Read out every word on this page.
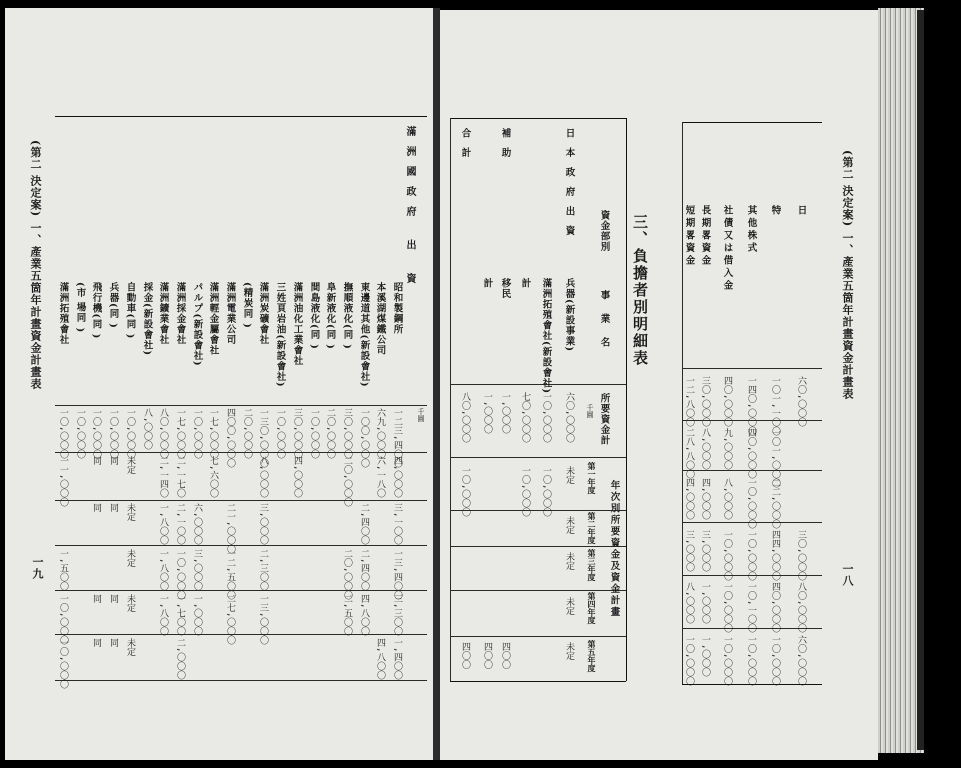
(第二 決定案) 一、產業五箇年計畫資金計畫表
一九
滿洲國政府 出 資
千圓
昭和製鋼所
一二三,四〇〇
四,〇〇〇
三,一〇〇
一三,四〇〇
三,三〇〇
一,四〇〇
本溪湖煤鐵公司
六九,〇〇〇
六,一八〇
四,八〇〇
東邊道其他(新設會社)
一〇〇,〇〇〇
二,四〇〇
二,四〇〇
四,八〇〇
撫順液化(同 )
三〇,〇〇〇
二〇,〇〇〇
二〇,〇〇〇
二,五〇〇
阜新液化(同 )
二〇,〇〇〇
間島液化(同 )
一〇,〇〇〇
滿洲油化工業會社
三〇,〇〇〇
四,〇〇〇
三姓頁岩油(新設會社)
一〇,〇〇〇
滿洲炭礦會社
一三〇,〇〇〇
八,〇〇〇
三,〇〇〇
二,三〇〇
一三,〇〇〇
(精炭同 )
二〇,〇〇〇
滿洲電業公司
四〇〇,〇〇〇
二一,〇〇〇
一二,五〇〇
二七,〇〇〇
滿洲輕金屬會社
一七,〇〇〇
七,六〇〇
パルプ(新設會社)
一〇,〇〇〇
六,〇〇〇
三,〇〇〇
一,〇〇〇
滿洲採金會社
一七,〇〇〇
二,一七〇
二,一〇〇
一〇,〇〇〇
一,七〇〇
二,〇〇〇
滿洲鑛業會社
八〇,〇〇〇
二,一四〇
一,八〇〇
一,八〇〇
一,八〇〇
採金(新設會社)
八,〇〇〇
自動車(同 )
一〇,〇〇〇
未定
未定
未定
未定
未定
兵器(同 )
一〇,〇〇〇
同
同
同
同
飛行機(同 )
一〇,〇〇〇
同
同
同
同
(市 場同 )
一〇,〇〇〇
滿洲拓殖會社
一〇,〇〇〇
一一,〇〇〇
一,五〇〇
一〇,〇〇〇
一〇,〇〇〇
(第二 決定案) 一、產業五箇年計畫資金計畫表
一八
三、負擔者別明細表
資金部別
事業名
所要資金計
年次別所要資金及資金計畫
千圓
第一年度
第二年度
第三年度
第四年度
第五年度
日本政府出資
兵器(新設事業)
六〇,〇〇〇
未定
未定
未定
未定
未定
滿洲拓殖會社(新設會社)
一〇,〇〇〇
一〇,〇〇〇
計
七〇,〇〇〇
一〇,〇〇〇
補助
移民
一,〇〇〇
四〇〇
計
一,〇〇〇
四〇〇
合計
八〇,〇〇〇
一〇,〇〇〇
四〇〇
日
六〇,〇〇〇
三〇,〇〇〇
八〇,〇〇〇
六〇,〇〇〇
特
一〇一,一〇〇
一〇一,〇〇〇
二二,〇〇〇
四四,〇〇〇
四〇,〇〇〇
一〇,〇〇〇
其他株式
一四〇,〇〇〇
四〇,〇〇〇
一〇,〇〇〇
一〇,〇〇〇
一〇,一〇〇
一〇,〇〇〇
社債又は借入金
四〇,〇〇〇
九,〇〇〇
八,〇〇〇
一〇,〇〇〇
一〇,〇〇〇
一〇,〇〇〇
長期畧資金
三〇,〇〇〇
八,〇〇〇
四,〇〇〇
三,〇〇〇
一,〇〇〇
一,〇〇〇
短期畧資金
一二,八〇〇
二八,八〇〇
四,〇〇〇
三,〇〇〇
八,〇〇〇
一〇,〇〇〇
